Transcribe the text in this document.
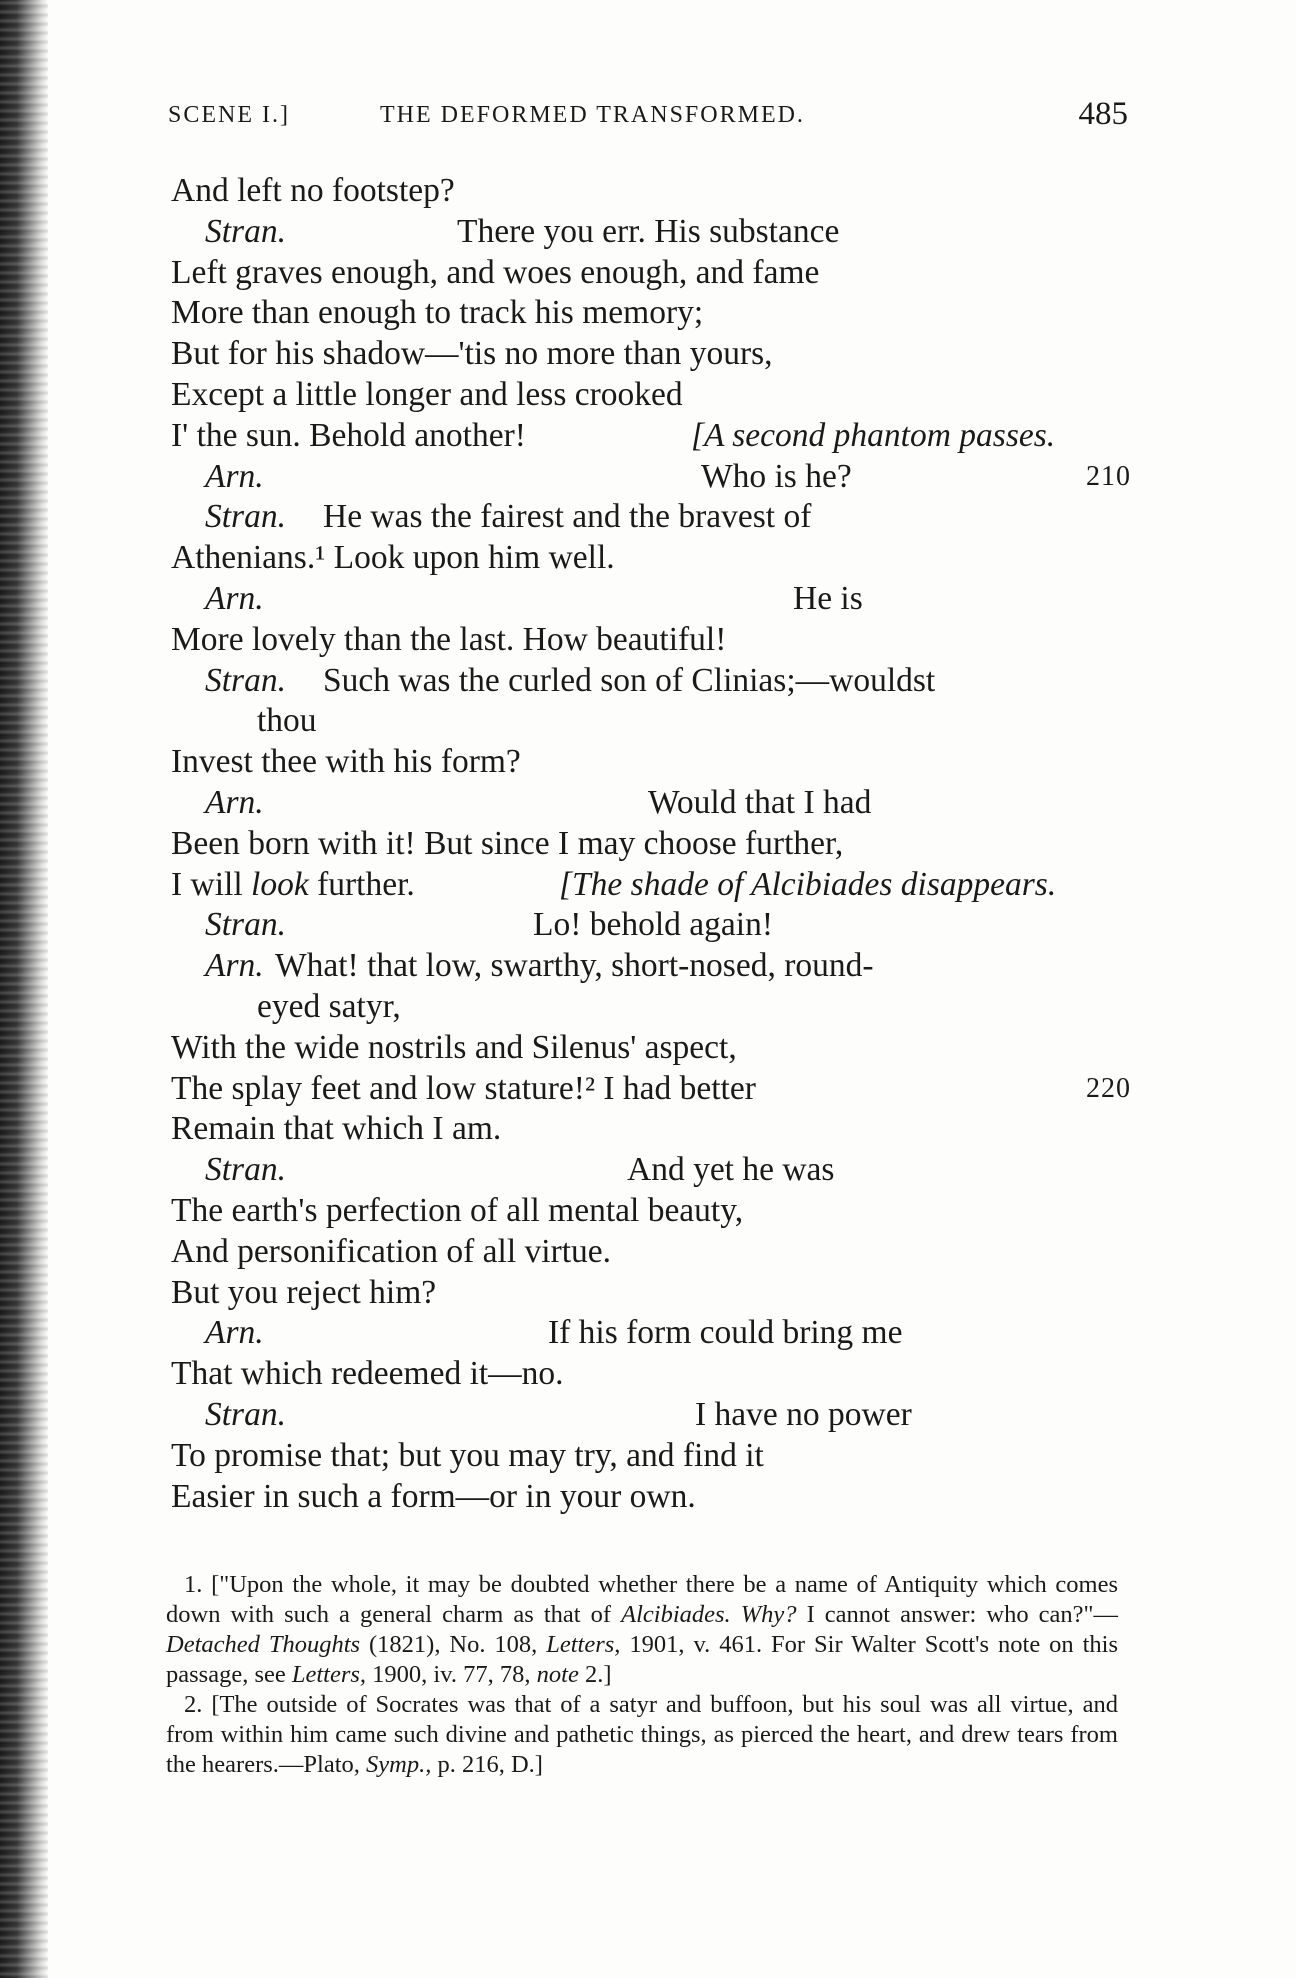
SCENE I.]	THE DEFORMED TRANSFORMED.	485
And left no footstep?
Stran.	There you err. His substance
Left graves enough, and woes enough, and fame
More than enough to track his memory;
But for his shadow—'tis no more than yours,
Except a little longer and less crooked
I' the sun. Behold another!	[A second phantom passes.
Arn.	Who is he?	210
Stran. He was the fairest and the bravest of
Athenians.¹ Look upon him well.
Arn.	He is
More lovely than the last. How beautiful!
Stran. Such was the curled son of Clinias;—wouldst
thou
Invest thee with his form?
Arn.	Would that I had
Been born with it! But since I may choose further,
I will look further.	[The shade of Alcibiades disappears.
Stran.	Lo! behold again!
Arn. What! that low, swarthy, short-nosed, round-
eyed satyr,
With the wide nostrils and Silenus' aspect,
The splay feet and low stature!² I had better	220
Remain that which I am.
Stran.	And yet he was
The earth's perfection of all mental beauty,
And personification of all virtue.
But you reject him?
Arn.	If his form could bring me
That which redeemed it—no.
Stran.	I have no power
To promise that; but you may try, and find it
Easier in such a form—or in your own.

1. ["Upon the whole, it may be doubted whether there be a name of Antiquity which comes down with such a general charm as that of Alcibiades. Why? I cannot answer: who can?"—Detached Thoughts (1821), No. 108, Letters, 1901, v. 461. For Sir Walter Scott's note on this passage, see Letters, 1900, iv. 77, 78, note 2.]

2. [The outside of Socrates was that of a satyr and buffoon, but his soul was all virtue, and from within him came such divine and pathetic things, as pierced the heart, and drew tears from the hearers.—Plato, Symp., p. 216, D.]
